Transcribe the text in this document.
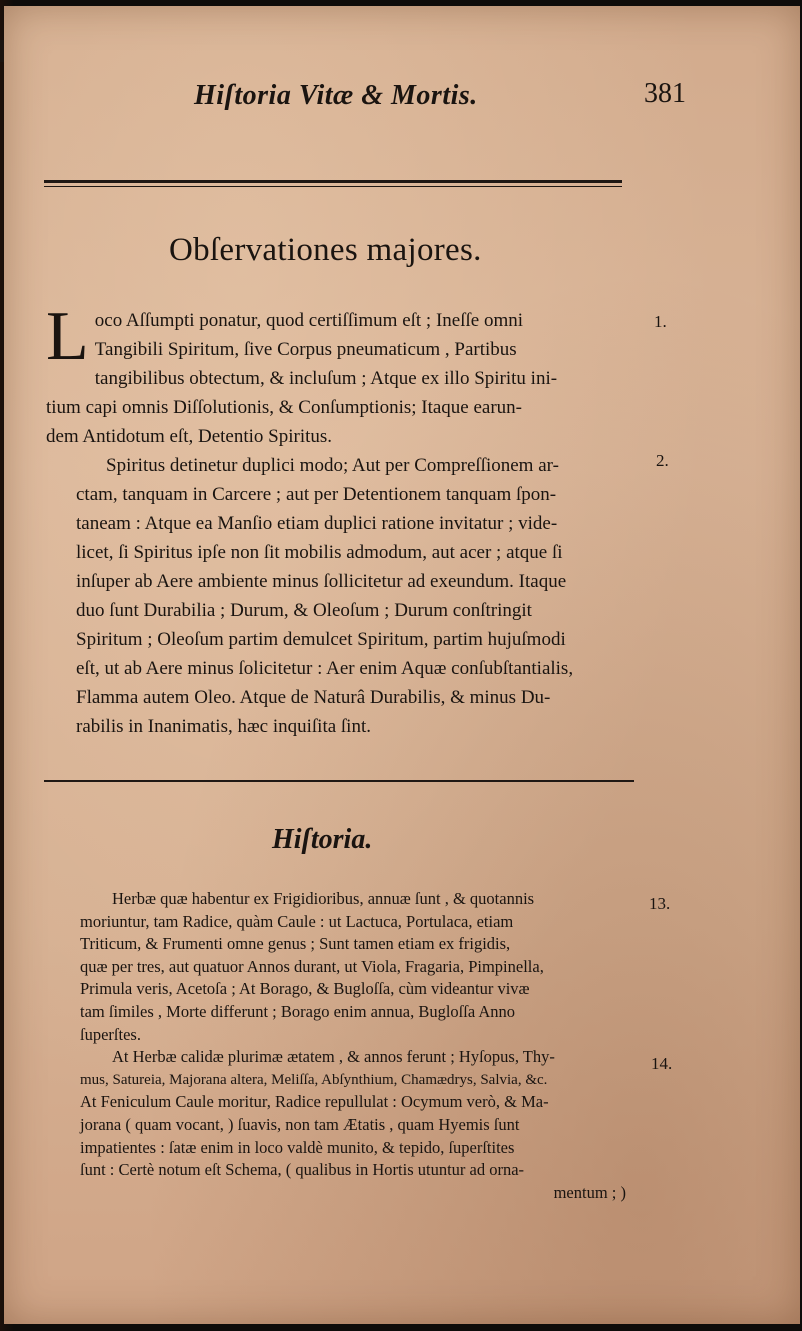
Hiſtoria Vitæ & Mortis.	381
Obſervationes majores.
L oco Aſſumpti ponatur, quod certiſſimum eſt ; Ineſſe omni
Tangibili Spiritum, ſive Corpus pneumaticum , Partibus
tangibilibus obtectum, & incluſum ; Atque ex illo Spiritu ini-
tium capi omnis Diſſolutionis, & Conſumptionis; Itaque earun-
dem Antidotum eſt, Detentio Spiritus.
Spiritus detinetur duplici modo; Aut per Compreſſionem ar-
ctam, tanquam in Carcere ; aut per Detentionem tanquam ſpon-
taneam : Atque ea Manſio etiam duplici ratione invitatur ; vide-
licet, ſi Spiritus ipſe non ſit mobilis admodum, aut acer ; atque ſi
inſuper ab Aere ambiente minus ſollicitetur ad exeundum. Itaque
duo ſunt Durabilia ; Durum, & Oleoſum ; Durum conſtringit
Spiritum ; Oleoſum partim demulcet Spiritum, partim hujuſmodi
eſt, ut ab Aere minus ſolicitetur : Aer enim Aquæ conſubſtantialis,
Flamma autem Oleo. Atque de Naturâ Durabilis, & minus Du-
rabilis in Inanimatis, hæc inquiſita ſint.
1.
2.
Hiſtoria.
Herbæ quæ habentur ex Frigidioribus, annuæ ſunt , & quotannis
moriuntur, tam Radice, quàm Caule : ut Lactuca, Portulaca, etiam
Triticum, & Frumenti omne genus ; Sunt tamen etiam ex frigidis,
quæ per tres, aut quatuor Annos durant, ut Viola, Fragaria, Pimpinella,
Primula veris, Acetoſa ; At Borago, & Bugloſſa, cùm videantur vivæ
tam ſimiles , Morte differunt ; Borago enim annua, Bugloſſa Anno
ſuperſtes.
At Herbæ calidæ plurimæ ætatem , & annos ferunt ; Hyſopus, Thy-
mus, Satureia, Majorana altera, Meliſſa, Abſynthium, Chamædrys, Salvia, &c.
At Feniculum Caule moritur, Radice repullulat : Ocymum verò, & Ma-
jorana ( quam vocant, ) ſuavis, non tam Ætatis , quam Hyemis ſunt
impatientes : ſatæ enim in loco valdè munito, & tepido, ſuperſtites
ſunt : Certè notum eſt Schema, ( qualibus in Hortis utuntur ad orna-
mentum ; )
13.
14.
